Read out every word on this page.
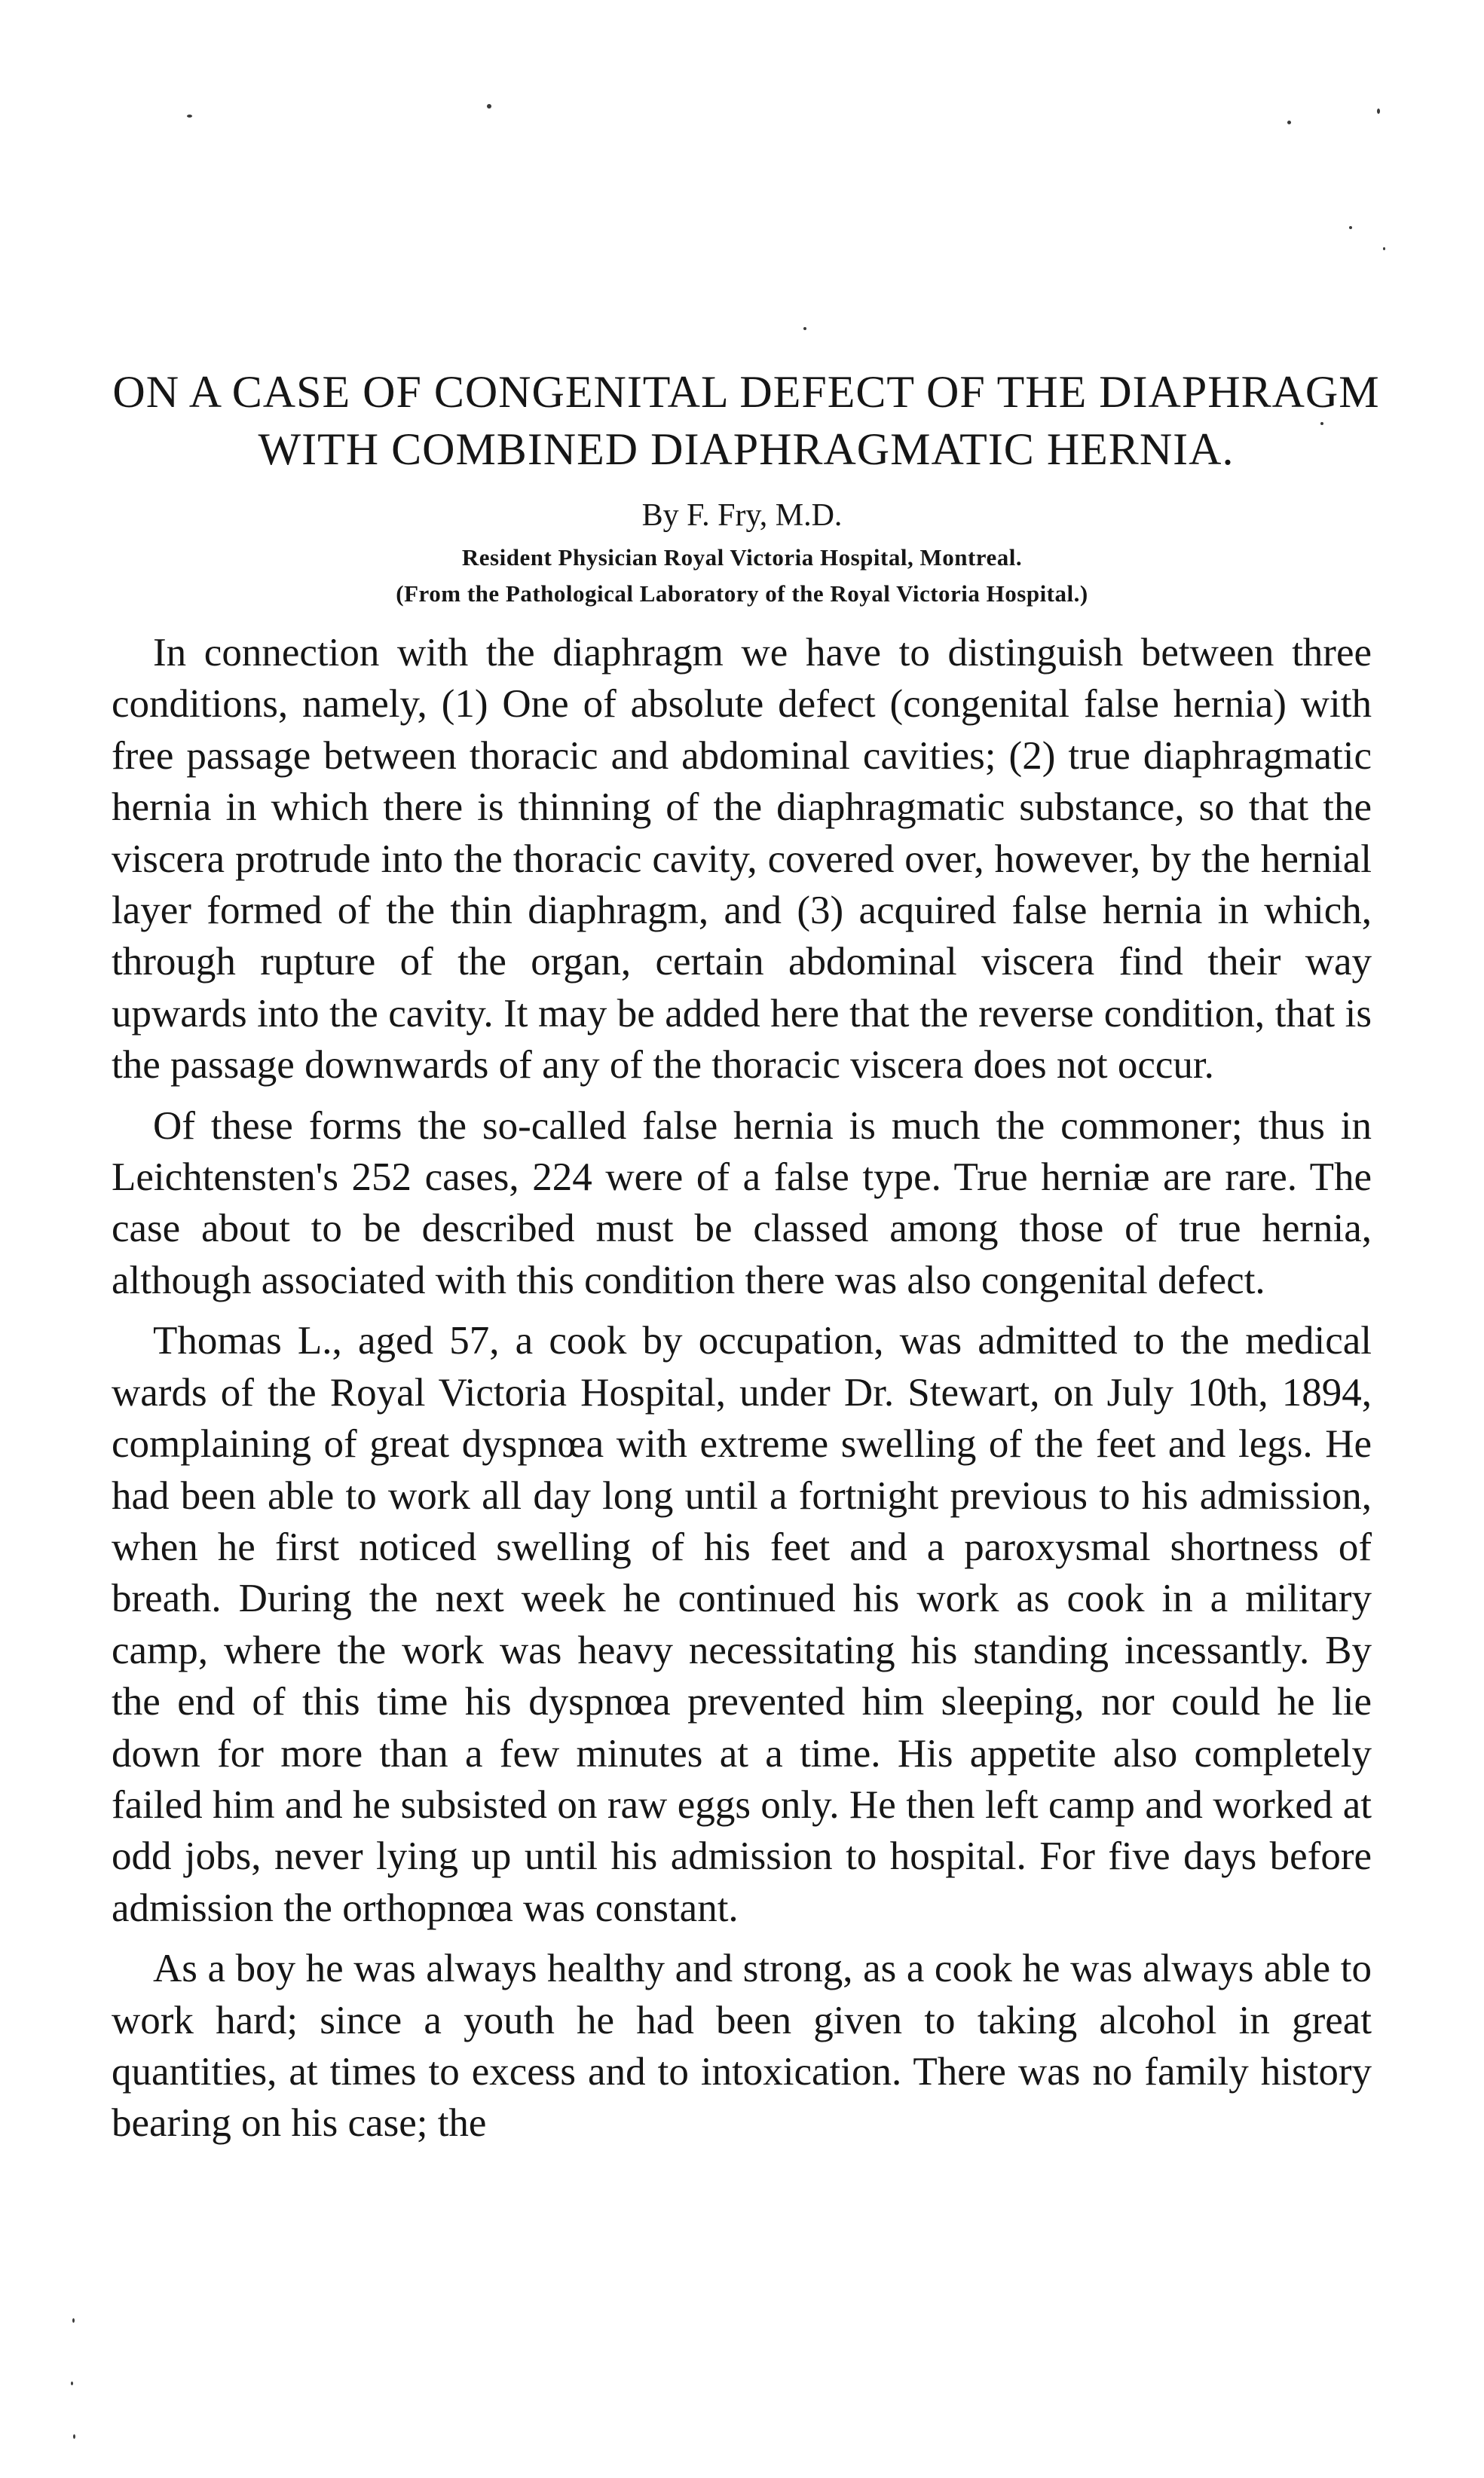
ON A CASE OF CONGENITAL DEFECT OF THE DIAPHRAGM
WITH COMBINED DIAPHRAGMATIC HERNIA.

By F. Fry, M.D.

Resident Physician Royal Victoria Hospital, Montreal.

(From the Pathological Laboratory of the Royal Victoria Hospital.)

In connection with the diaphragm we have to distinguish between three conditions, namely, (1) One of absolute defect (congenital false hernia) with free passage between thoracic and abdominal cavities; (2) true diaphragmatic hernia in which there is thinning of the diaphragmatic substance, so that the viscera protrude into the thoracic cavity, covered over, however, by the hernial layer formed of the thin diaphragm, and (3) acquired false hernia in which, through rupture of the organ, certain abdominal viscera find their way upwards into the cavity. It may be added here that the reverse condition, that is the passage downwards of any of the thoracic viscera does not occur.

Of these forms the so-called false hernia is much the commoner; thus in Leichtensten's 252 cases, 224 were of a false type. True herniæ are rare. The case about to be described must be classed among those of true hernia, although associated with this condition there was also congenital defect.

Thomas L., aged 57, a cook by occupation, was admitted to the medical wards of the Royal Victoria Hospital, under Dr. Stewart, on July 10th, 1894, complaining of great dyspnœa with extreme swelling of the feet and legs. He had been able to work all day long until a fortnight previous to his admission, when he first noticed swelling of his feet and a paroxysmal shortness of breath. During the next week he continued his work as cook in a military camp, where the work was heavy necessitating his standing incessantly. By the end of this time his dyspnœa prevented him sleeping, nor could he lie down for more than a few minutes at a time. His appetite also completely failed him and he subsisted on raw eggs only. He then left camp and worked at odd jobs, never lying up until his admission to hospital. For five days before admission the orthopnœa was constant.

As a boy he was always healthy and strong, as a cook he was always able to work hard; since a youth he had been given to taking alcohol in great quantities, at times to excess and to intoxication. There was no family history bearing on his case; the
